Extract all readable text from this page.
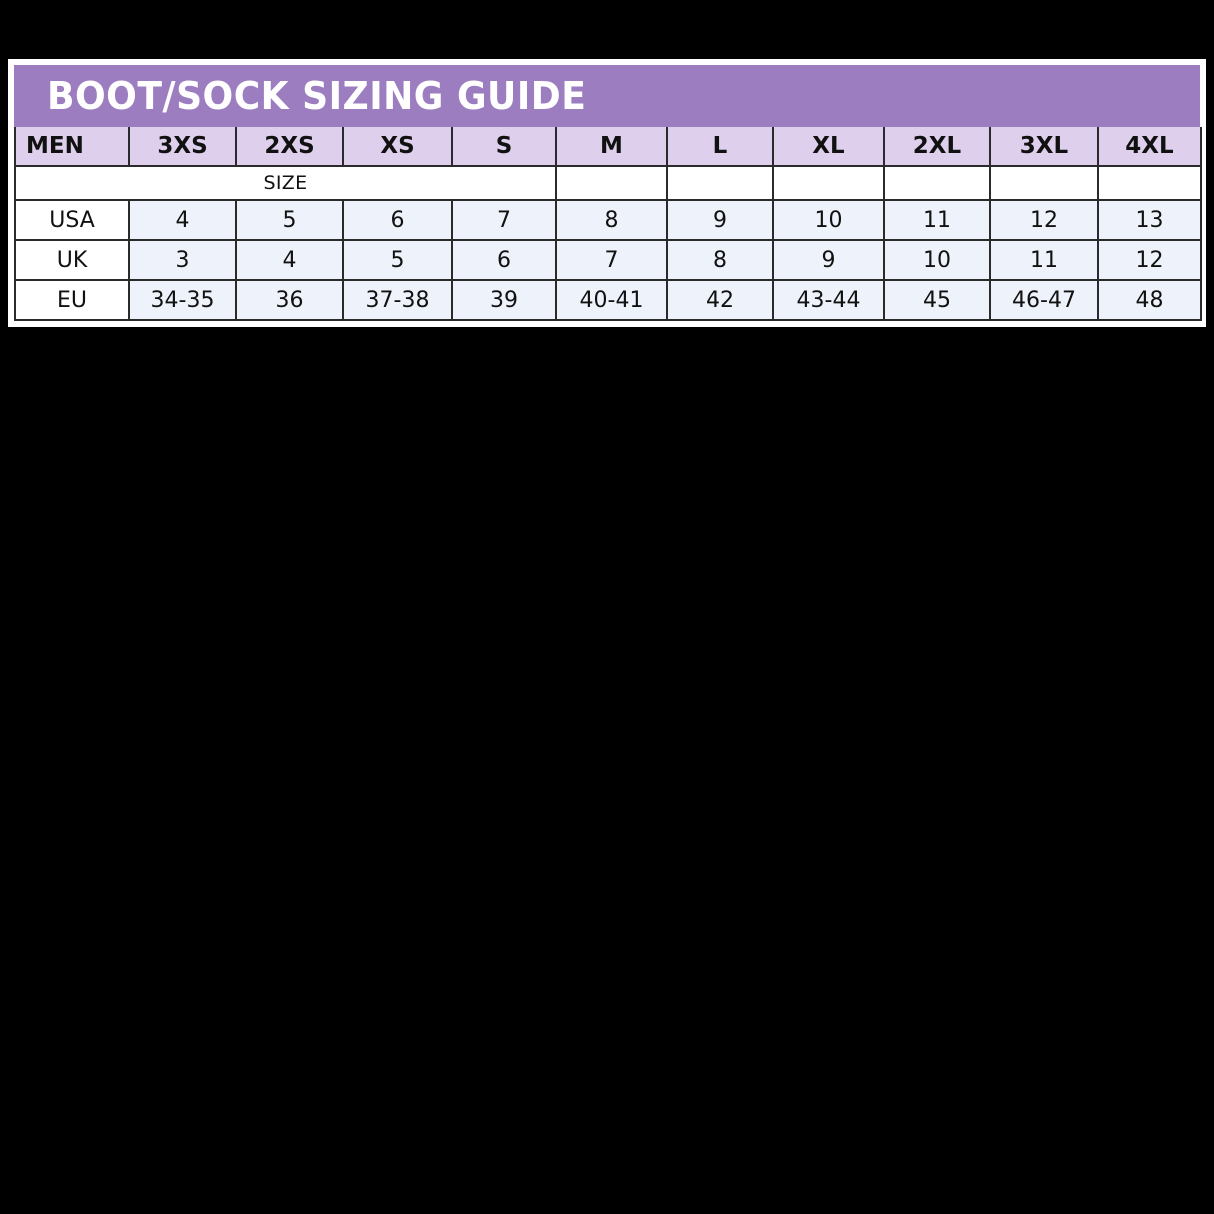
BOOT/SOCK SIZING GUIDE
MEN	3XS	2XS	XS	S	M	L	XL	2XL	3XL	4XL
SIZE										
USA	4	5	6	7	8	9	10	11	12	13
UK	3	4	5	6	7	8	9	10	11	12
EU	34-35	36	37-38	39	40-41	42	43-44	45	46-47	48
